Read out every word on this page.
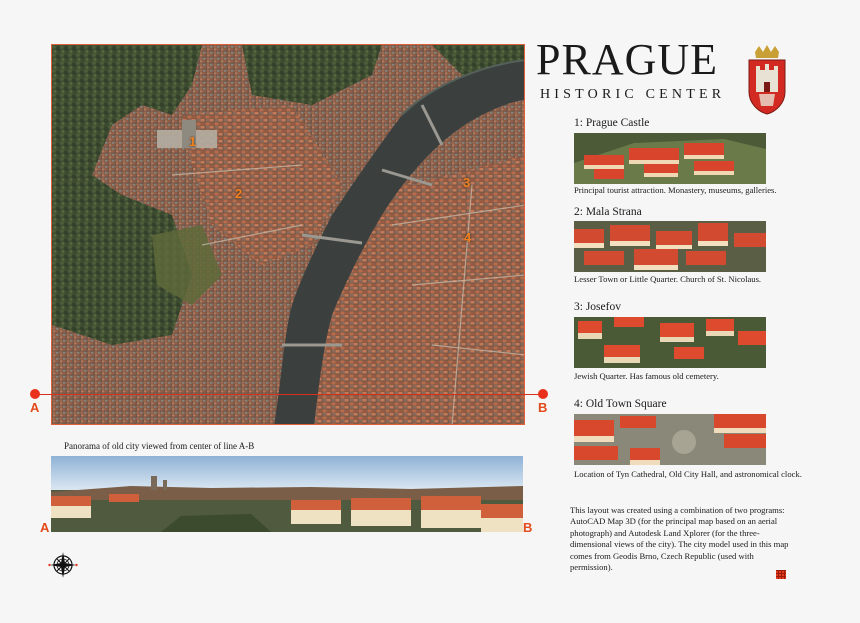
1
2
3
4
A	B
PRAGUE
HISTORIC CENTER
1: Prague Castle
Principal tourist attraction. Monastery, museums, galleries.
2: Mala Strana
Lesser Town or Little Quarter. Church of St. Nicolaus.
3: Josefov
Jewish Quarter. Has famous old cemetery.
4: Old Town Square
Location of Tyn Cathedral, Old City Hall, and astronomical clock.
Panorama of old city viewed from center of line A-B
A	B
This layout was created using a combination of two programs: AutoCAD Map 3D (for the principal map based on an aerial photograph) and Autodesk Land Xplorer (for the three-dimensional views of the city). The city model used in this map comes from Geodis Brno, Czech Republic (used with permission).
